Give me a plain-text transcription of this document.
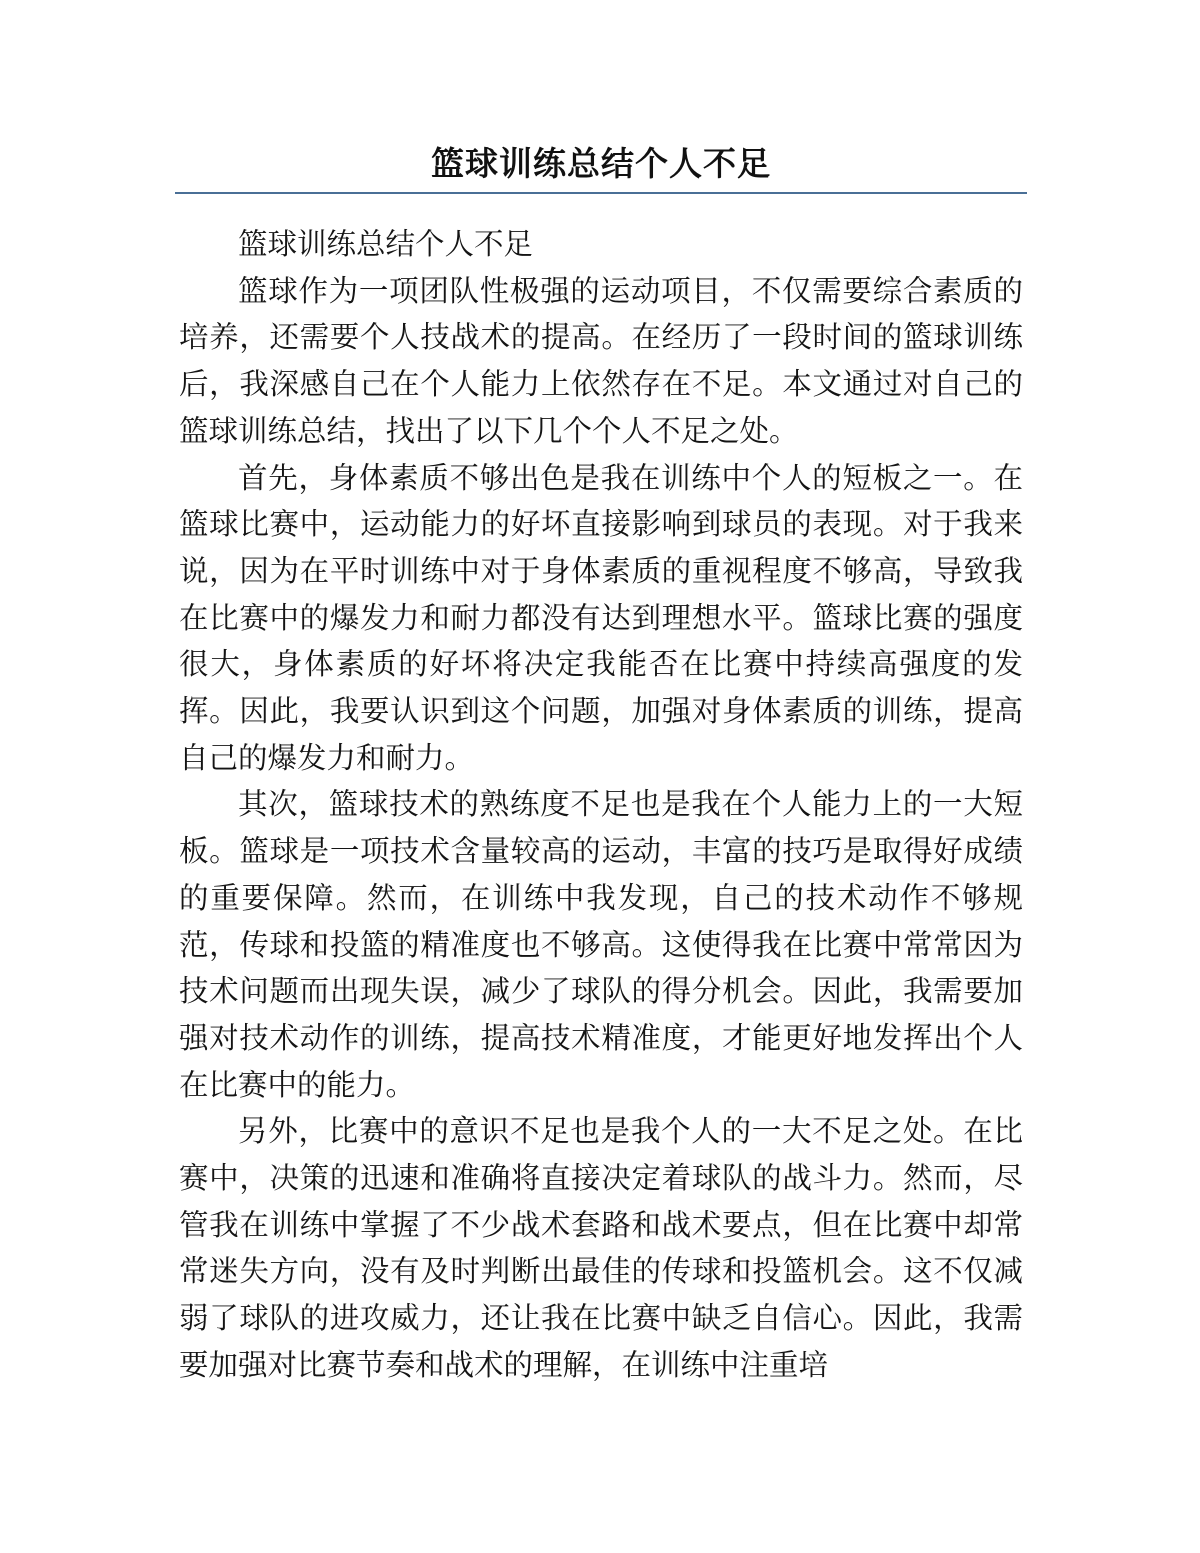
篮球训练总结个人不足

篮球训练总结个人不足

篮球作为一项团队性极强的运动项目，不仅需要综合素质的培养，还需要个人技战术的提高。在经历了一段时间的篮球训练后，我深感自己在个人能力上依然存在不足。本文通过对自己的篮球训练总结，找出了以下几个个人不足之处。

首先，身体素质不够出色是我在训练中个人的短板之一。在篮球比赛中，运动能力的好坏直接影响到球员的表现。对于我来说，因为在平时训练中对于身体素质的重视程度不够高，导致我在比赛中的爆发力和耐力都没有达到理想水平。篮球比赛的强度很大，身体素质的好坏将决定我能否在比赛中持续高强度的发挥。因此，我要认识到这个问题，加强对身体素质的训练，提高自己的爆发力和耐力。

其次，篮球技术的熟练度不足也是我在个人能力上的一大短板。篮球是一项技术含量较高的运动，丰富的技巧是取得好成绩的重要保障。然而，在训练中我发现，自己的技术动作不够规范，传球和投篮的精准度也不够高。这使得我在比赛中常常因为技术问题而出现失误，减少了球队的得分机会。因此，我需要加强对技术动作的训练，提高技术精准度，才能更好地发挥出个人在比赛中的能力。

另外，比赛中的意识不足也是我个人的一大不足之处。在比赛中，决策的迅速和准确将直接决定着球队的战斗力。然而，尽管我在训练中掌握了不少战术套路和战术要点，但在比赛中却常常迷失方向，没有及时判断出最佳的传球和投篮机会。这不仅减弱了球队的进攻威力，还让我在比赛中缺乏自信心。因此，我需要加强对比赛节奏和战术的理解，在训练中注重培
